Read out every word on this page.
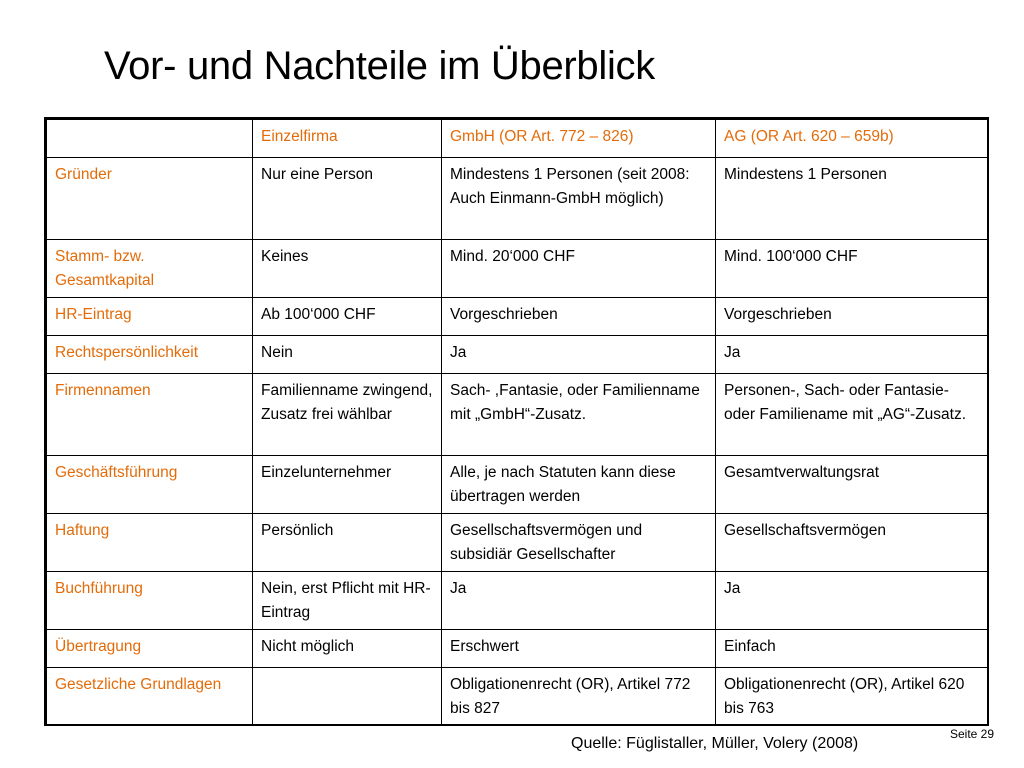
Vor- und Nachteile im Überblick
	Einzelfirma	GmbH (OR Art. 772 – 826)	AG (OR Art. 620 – 659b)
Gründer	Nur eine Person	Mindestens 1 Personen (seit 2008: Auch Einmann-GmbH möglich)	Mindestens 1 Personen
Stamm- bzw. Gesamtkapital	Keines	Mind. 20‘000 CHF	Mind. 100‘000 CHF
HR-Eintrag	Ab 100‘000 CHF	Vorgeschrieben	Vorgeschrieben
Rechtspersönlichkeit	Nein	Ja	Ja
Firmennamen	Familienname zwingend, Zusatz frei wählbar	Sach- ,Fantasie, oder Familienname mit „GmbH“-Zusatz.	Personen-, Sach- oder Fantasie- oder Familiename mit „AG“-Zusatz.
Geschäftsführung	Einzelunternehmer	Alle, je nach Statuten kann diese übertragen werden	Gesamtverwaltungsrat
Haftung	Persönlich	Gesellschaftsvermögen und subsidiär Gesellschafter	Gesellschaftsvermögen
Buchführung	Nein, erst Pflicht mit HR-Eintrag	Ja	Ja
Übertragung	Nicht möglich	Erschwert	Einfach
Gesetzliche Grundlagen		Obligationenrecht (OR), Artikel 772 bis 827	Obligationenrecht (OR), Artikel 620 bis 763
Seite 29
Quelle: Füglistaller, Müller, Volery (2008)
